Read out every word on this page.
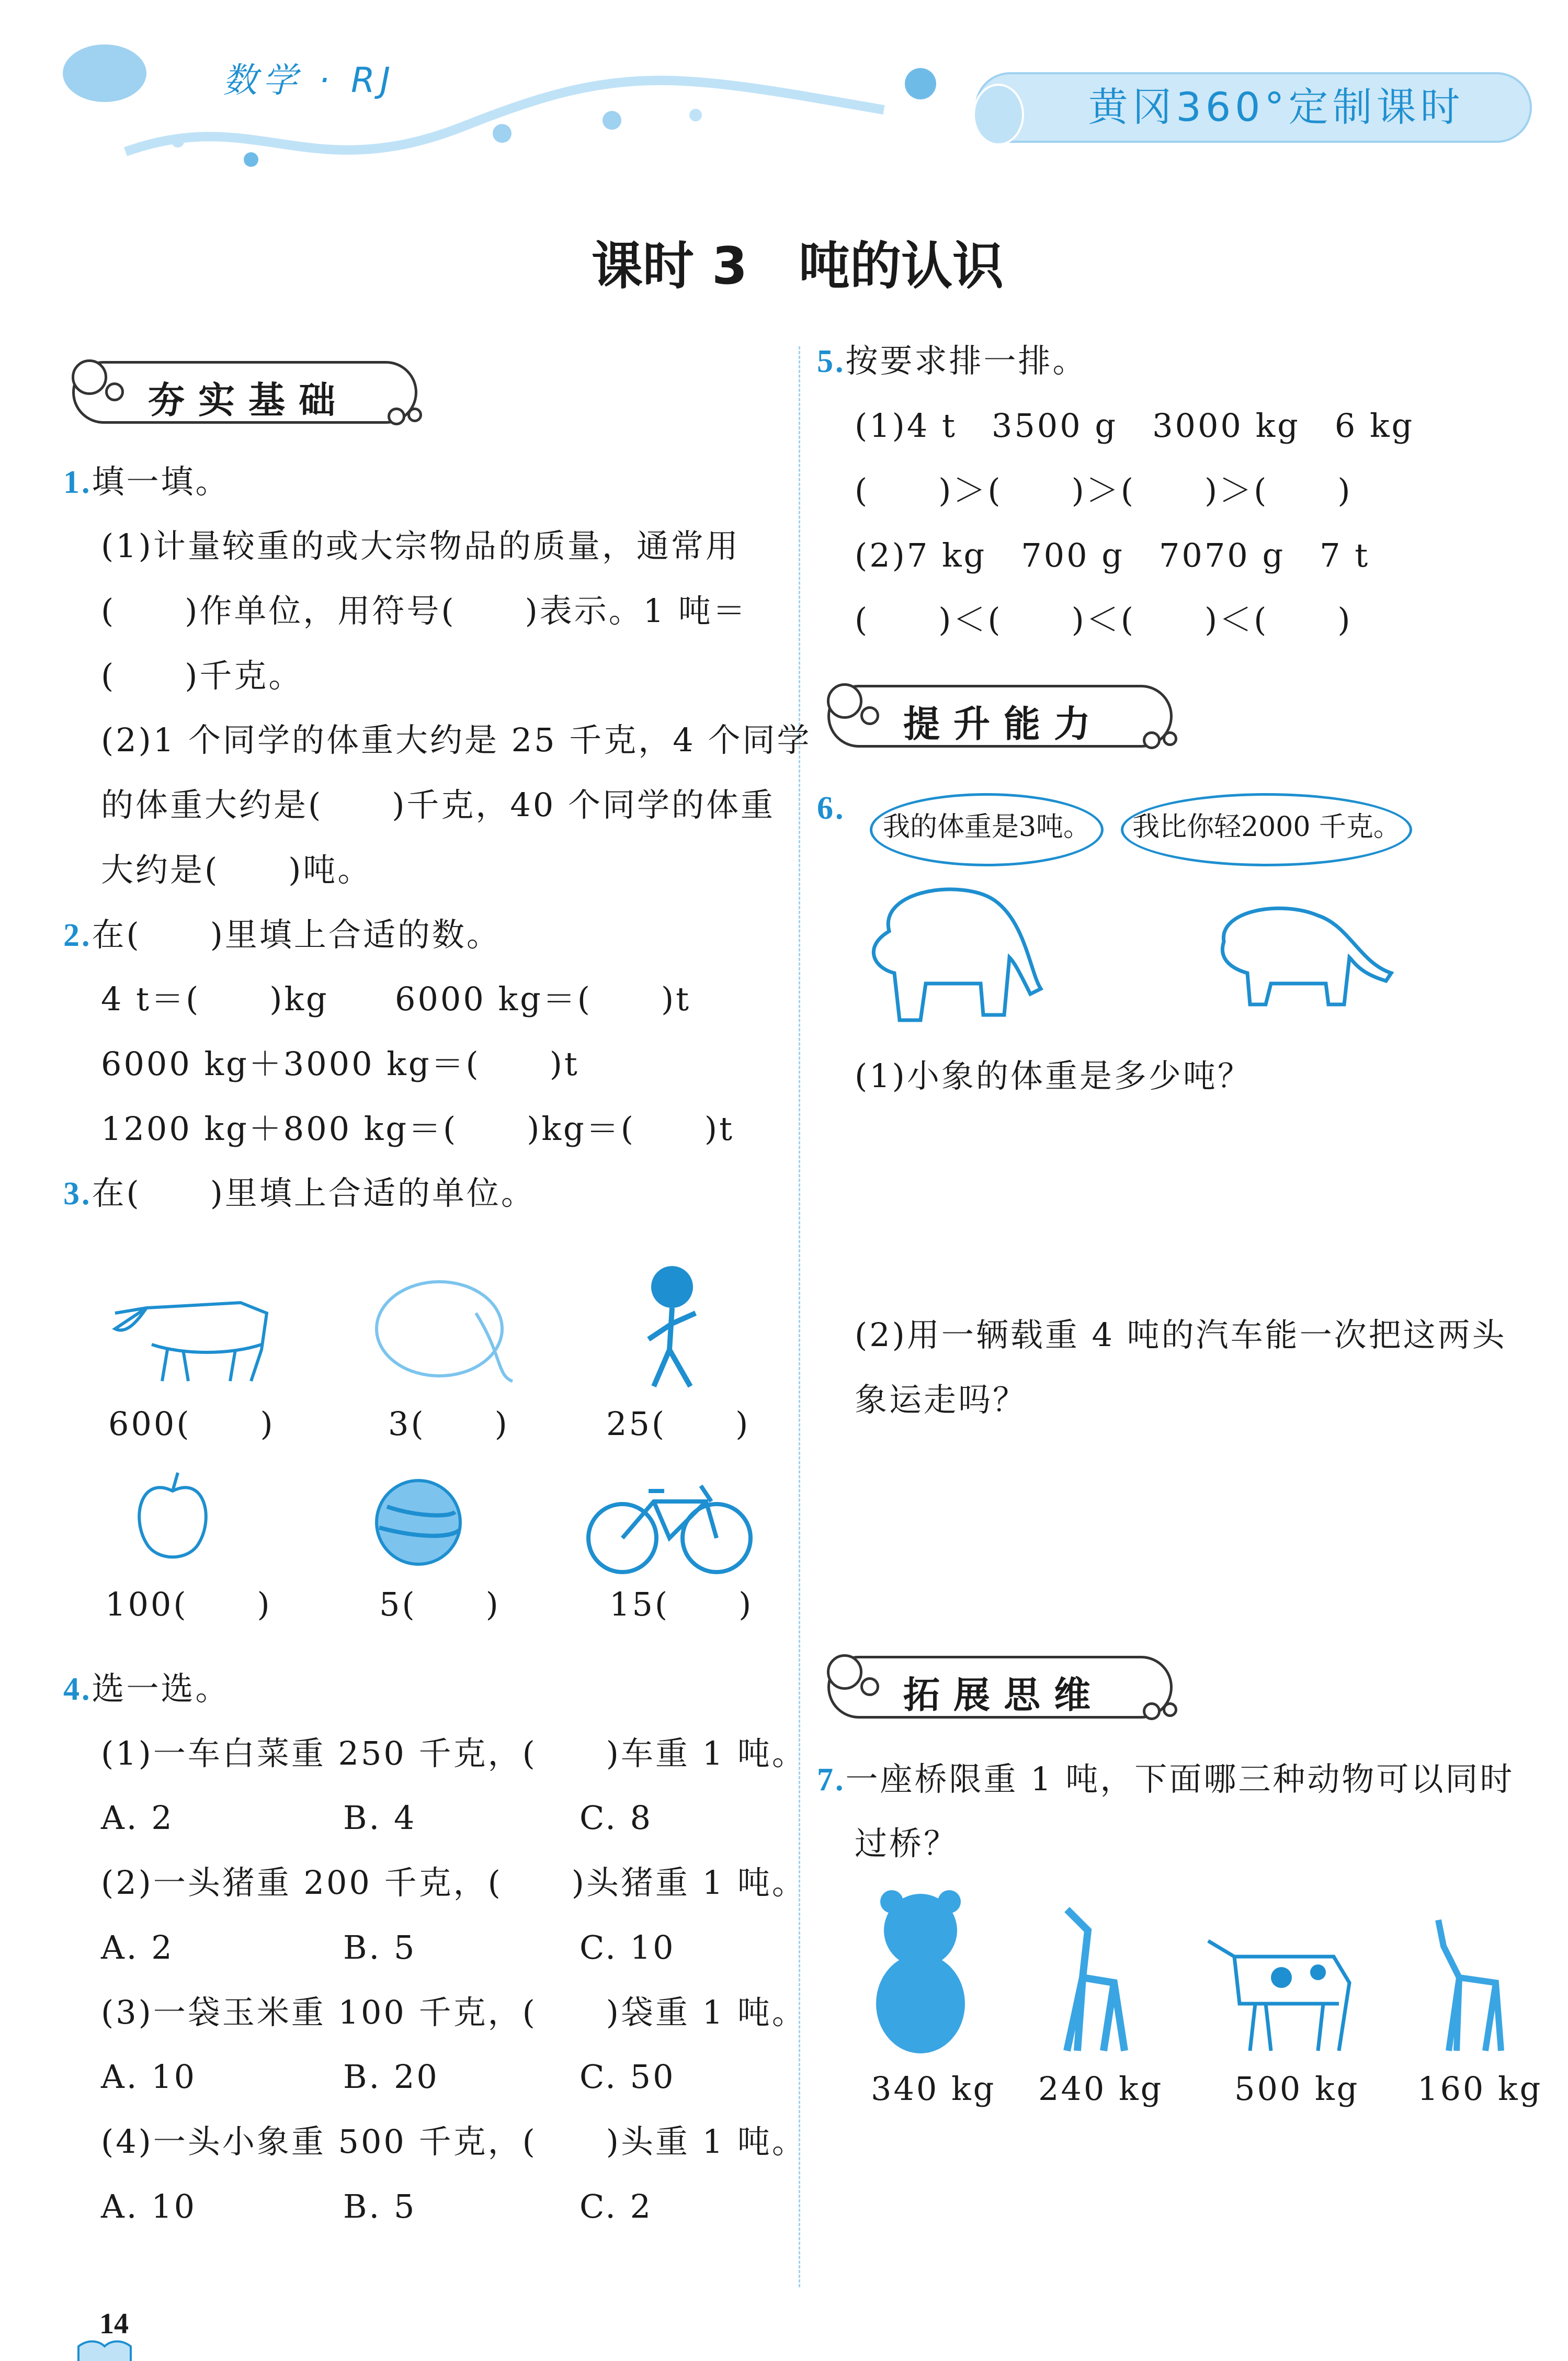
数学 · RJ
黄冈360°定制课时
课时 3　吨的认识
夯实基础
1.填一填。
(1)计量较重的或大宗物品的质量，通常用
(　　)作单位，用符号(　　)表示。1 吨＝
(　　)千克。
(2)1 个同学的体重大约是 25 千克，4 个同学
的体重大约是(　　)千克，40 个同学的体重
大约是(　　)吨。
2.在(　　)里填上合适的数。
4 t＝(　　)kg 6000 kg＝(　　)t
6000 kg＋3000 kg＝(　　)t
1200 kg＋800 kg＝(　　)kg＝(　　)t
3.在(　　)里填上合适的单位。
600(　　)	3(　　)	25(　　)
100(　　)	5(　　)	15(　　)
4.选一选。
(1)一车白菜重 250 千克，(　　)车重 1 吨。
A. 2	B. 4	C. 8
(2)一头猪重 200 千克，(　　)头猪重 1 吨。
A. 2	B. 5	C. 10
(3)一袋玉米重 100 千克，(　　)袋重 1 吨。
A. 10	B. 20	C. 50
(4)一头小象重 500 千克，(　　)头重 1 吨。
A. 10	B. 5	C. 2
5.按要求排一排。
(1)4 t　3500 g　3000 kg　6 kg
(　　)＞(　　)＞(　　)＞(　　)
(2)7 kg　700 g　7070 g　7 t
(　　)＜(　　)＜(　　)＜(　　)
提升能力
6.
我的体重是3吨。	我比你轻2000 千克。
(1)小象的体重是多少吨？
(2)用一辆载重 4 吨的汽车能一次把这两头
象运走吗？
拓展思维
7.一座桥限重 1 吨，下面哪三种动物可以同时
过桥？
340 kg 240 kg 500 kg 160 kg
14
